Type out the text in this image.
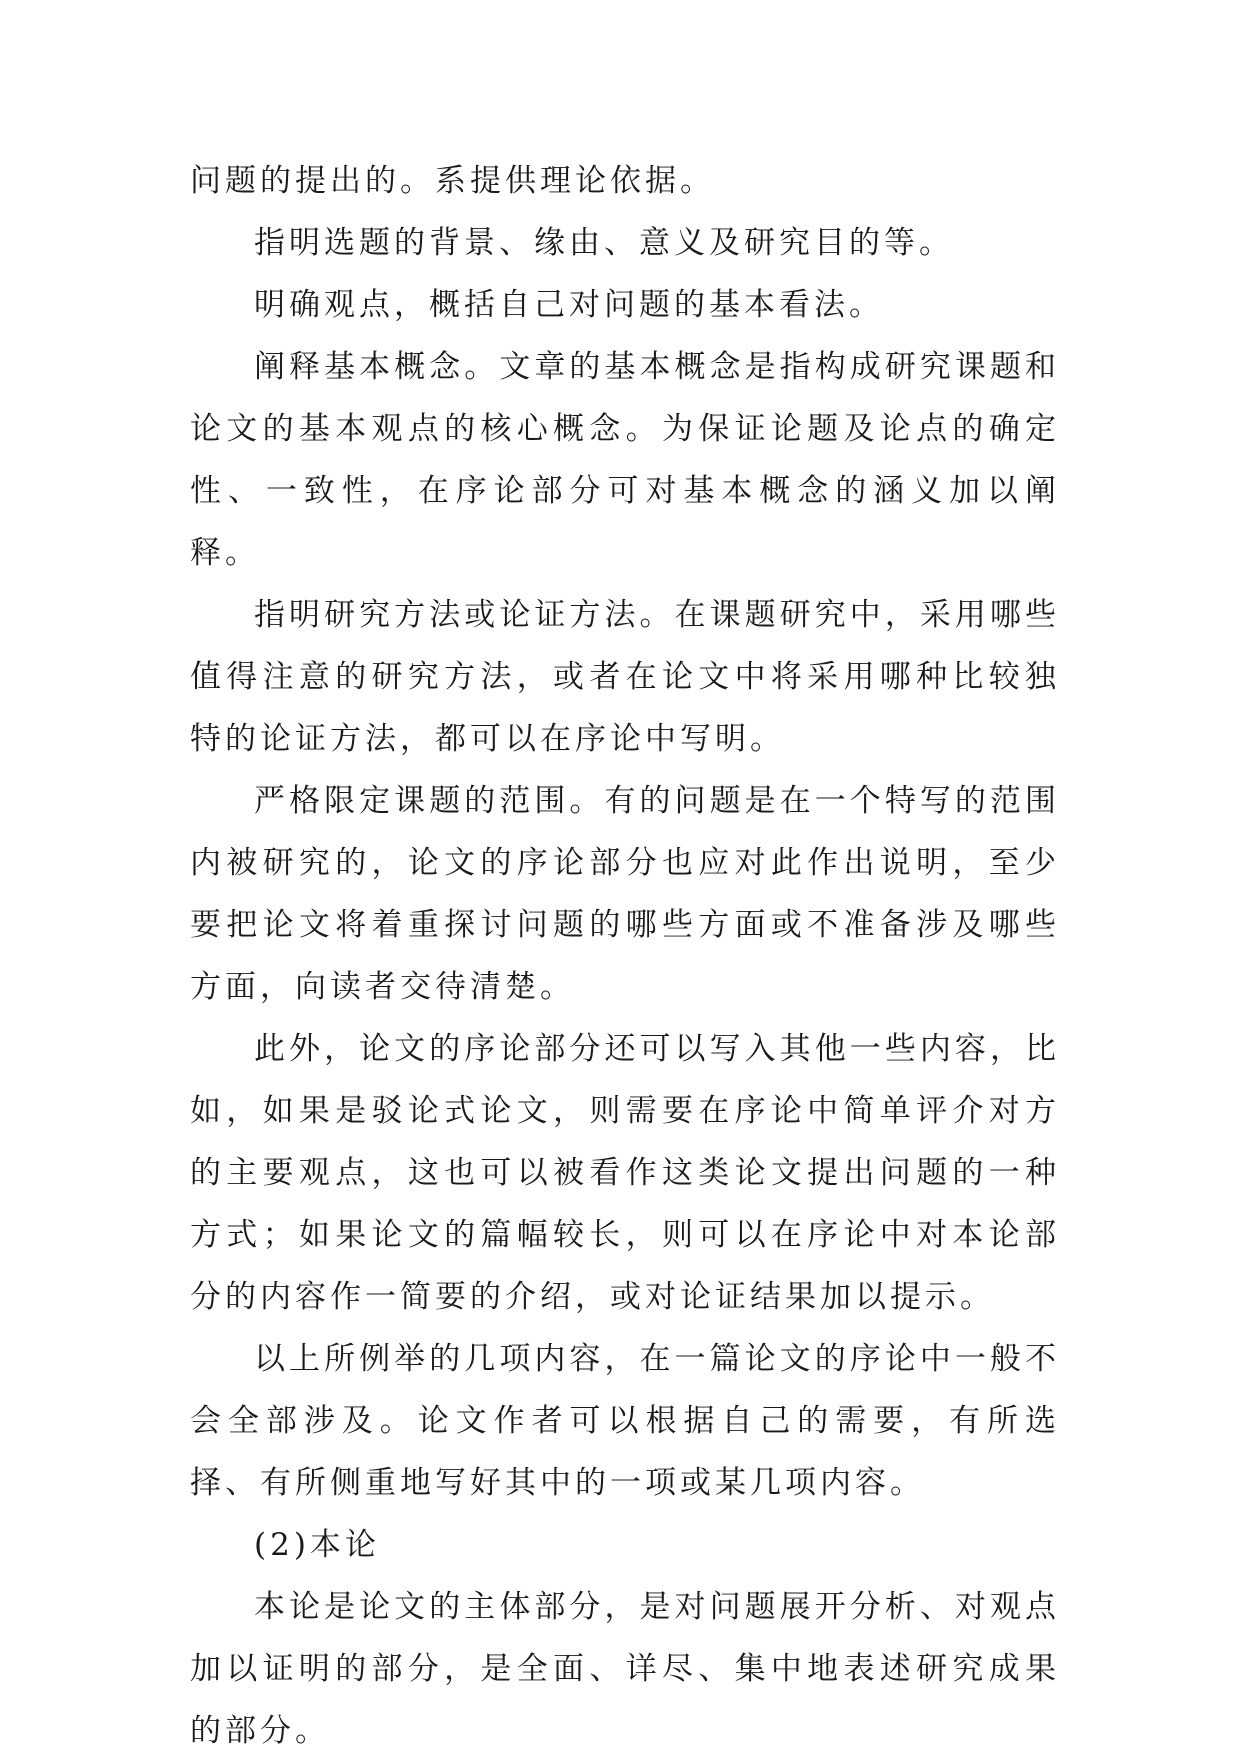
问题的提出的。系提供理论依据。

指明选题的背景、缘由、意义及研究目的等。

明确观点，概括自己对问题的基本看法。

阐释基本概念。文章的基本概念是指构成研究课题和论文的基本观点的核心概念。为保证论题及论点的确定性、一致性，在序论部分可对基本概念的涵义加以阐释。

指明研究方法或论证方法。在课题研究中，采用哪些值得注意的研究方法，或者在论文中将采用哪种比较独特的论证方法，都可以在序论中写明。

严格限定课题的范围。有的问题是在一个特写的范围内被研究的，论文的序论部分也应对此作出说明，至少要把论文将着重探讨问题的哪些方面或不准备涉及哪些方面，向读者交待清楚。

此外，论文的序论部分还可以写入其他一些内容，比如，如果是驳论式论文，则需要在序论中简单评介对方的主要观点，这也可以被看作这类论文提出问题的一种方式；如果论文的篇幅较长，则可以在序论中对本论部分的内容作一简要的介绍，或对论证结果加以提示。

以上所例举的几项内容，在一篇论文的序论中一般不会全部涉及。论文作者可以根据自己的需要，有所选择、有所侧重地写好其中的一项或某几项内容。

(2)本论

本论是论文的主体部分，是对问题展开分析、对观点加以证明的部分，是全面、详尽、集中地表述研究成果的部分。
